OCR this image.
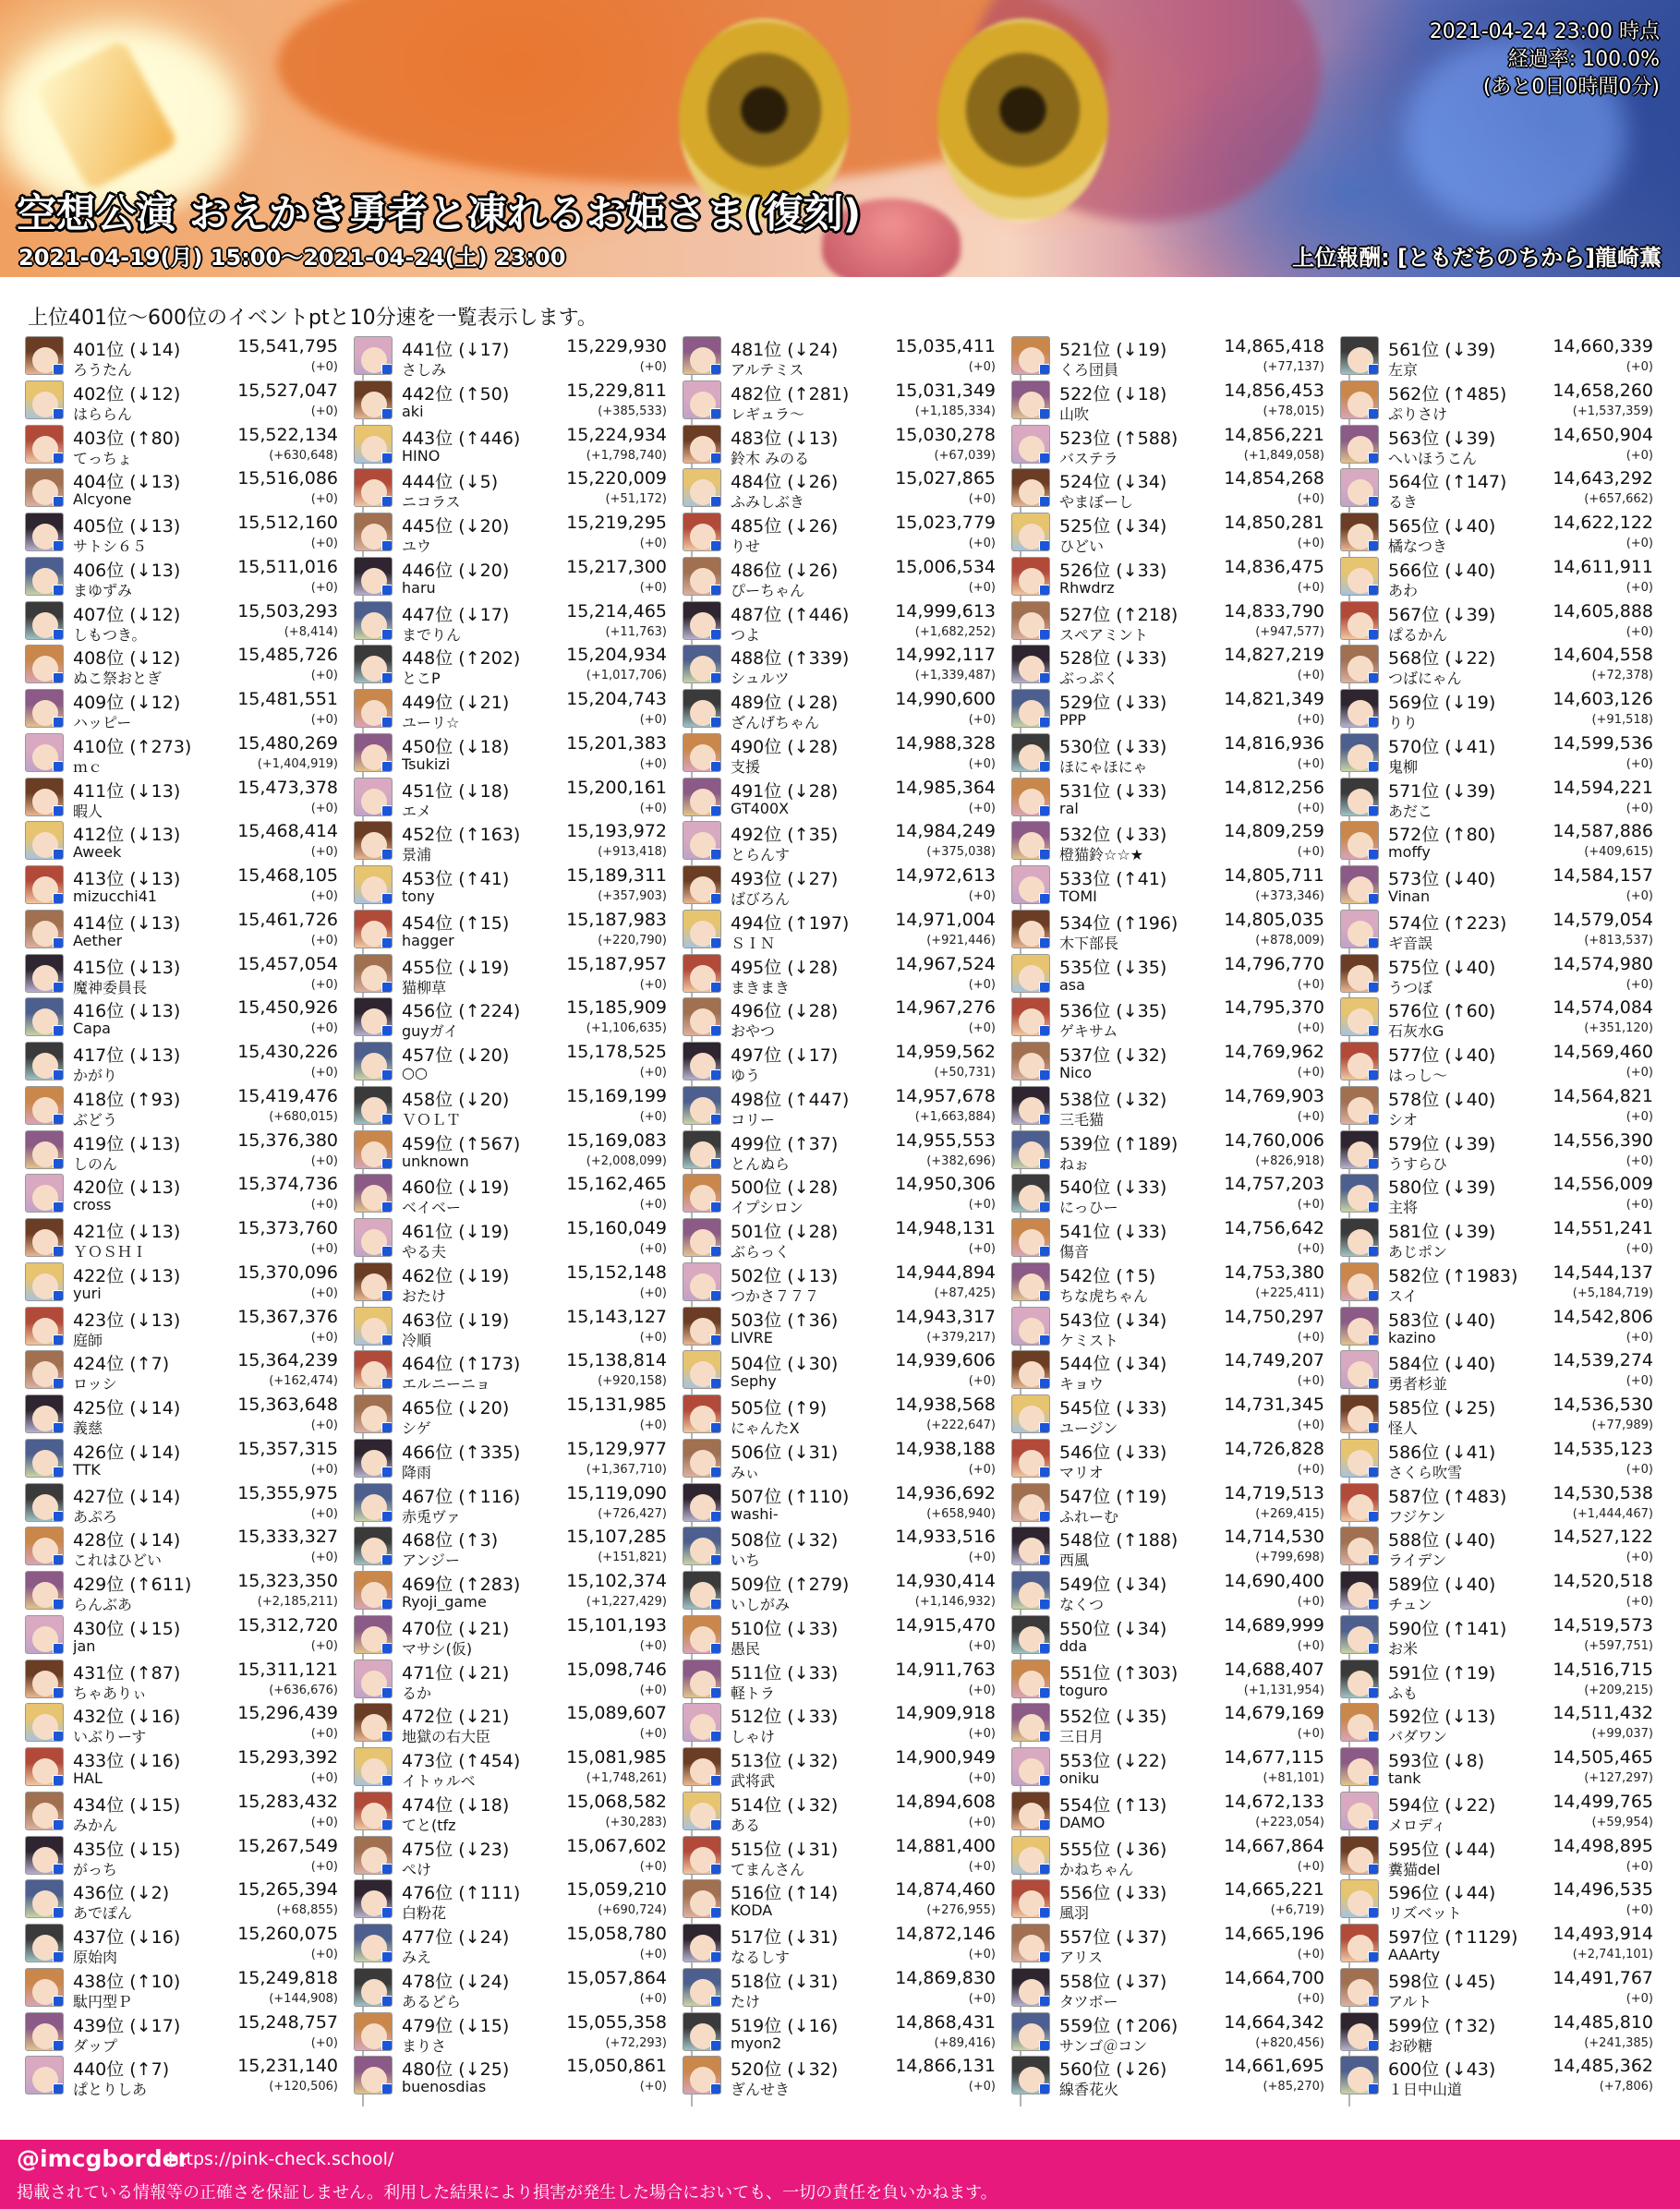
2021-04-24 23:00 時点
経過率: 100.0%
(あと0日0時間0分)
空想公演 おえかき勇者と凍れるお姫さま(復刻)
2021-04-19(月) 15:00～2021-04-24(土) 23:00	上位報酬: [ともだちのちから]龍崎薫
上位401位～600位のイベントptと10分速を一覧表示します。
401位 (↓14)
ろうたん
15,541,795
(+0)
402位 (↓12)
はららん
15,527,047
(+0)
403位 (↑80)
てっちょ
15,522,134
(+630,648)
404位 (↓13)
Alcyone
15,516,086
(+0)
405位 (↓13)
サトシ６５
15,512,160
(+0)
406位 (↓13)
まゆずみ
15,511,016
(+0)
407位 (↓12)
しもつき。
15,503,293
(+8,414)
408位 (↓12)
ぬこ祭おとぎ
15,485,726
(+0)
409位 (↓12)
ハッピー
15,481,551
(+0)
410位 (↑273)
ｍｃ
15,480,269
(+1,404,919)
411位 (↓13)
暇人
15,473,378
(+0)
412位 (↓13)
Aweek
15,468,414
(+0)
413位 (↓13)
mizucchi41
15,468,105
(+0)
414位 (↓13)
Aether
15,461,726
(+0)
415位 (↓13)
魔神委員長
15,457,054
(+0)
416位 (↓13)
Capa
15,450,926
(+0)
417位 (↓13)
かがり
15,430,226
(+0)
418位 (↑93)
ぶどう
15,419,476
(+680,015)
419位 (↓13)
しのん
15,376,380
(+0)
420位 (↓13)
cross
15,374,736
(+0)
421位 (↓13)
ＹＯＳＨＩ
15,373,760
(+0)
422位 (↓13)
yuri
15,370,096
(+0)
423位 (↓13)
庭師
15,367,376
(+0)
424位 (↑7)
ロッシ
15,364,239
(+162,474)
425位 (↓14)
義慈
15,363,648
(+0)
426位 (↓14)
TTK
15,357,315
(+0)
427位 (↓14)
あぷろ
15,355,975
(+0)
428位 (↓14)
これはひどい
15,333,327
(+0)
429位 (↑611)
らんぶあ
15,323,350
(+2,185,211)
430位 (↓15)
jan
15,312,720
(+0)
431位 (↑87)
ちゃありぃ
15,311,121
(+636,676)
432位 (↓16)
いぶりーす
15,296,439
(+0)
433位 (↓16)
HAL
15,293,392
(+0)
434位 (↓15)
みかん
15,283,432
(+0)
435位 (↓15)
がっち
15,267,549
(+0)
436位 (↓2)
あでぽん
15,265,394
(+68,855)
437位 (↓16)
原始肉
15,260,075
(+0)
438位 (↑10)
駄円型Ｐ
15,249,818
(+144,908)
439位 (↓17)
ダップ
15,248,757
(+0)
440位 (↑7)
ぱとりしあ
15,231,140
(+120,506)
441位 (↓17)
さしみ
15,229,930
(+0)
442位 (↑50)
aki
15,229,811
(+385,533)
443位 (↑446)
HINO
15,224,934
(+1,798,740)
444位 (↓5)
ニコラス
15,220,009
(+51,172)
445位 (↓20)
ユウ
15,219,295
(+0)
446位 (↓20)
haru
15,217,300
(+0)
447位 (↓17)
までりん
15,214,465
(+11,763)
448位 (↑202)
とこP
15,204,934
(+1,017,706)
449位 (↓21)
ユーリ☆
15,204,743
(+0)
450位 (↓18)
Tsukizi
15,201,383
(+0)
451位 (↓18)
エメ
15,200,161
(+0)
452位 (↑163)
景浦
15,193,972
(+913,418)
453位 (↑41)
tony
15,189,311
(+357,903)
454位 (↑15)
hagger
15,187,983
(+220,790)
455位 (↓19)
猫柳草
15,187,957
(+0)
456位 (↑224)
guyガイ
15,185,909
(+1,106,635)
457位 (↓20)
○○
15,178,525
(+0)
458位 (↓20)
ＶＯＬＴ
15,169,199
(+0)
459位 (↑567)
unknown
15,169,083
(+2,008,099)
460位 (↓19)
ベイベー
15,162,465
(+0)
461位 (↓19)
やる夫
15,160,049
(+0)
462位 (↓19)
おたけ
15,152,148
(+0)
463位 (↓19)
冷順
15,143,127
(+0)
464位 (↑173)
エルニーニョ
15,138,814
(+920,158)
465位 (↓20)
シゲ
15,131,985
(+0)
466位 (↑335)
降雨
15,129,977
(+1,367,710)
467位 (↑116)
赤兎ヴァ
15,119,090
(+726,427)
468位 (↑3)
アンジー
15,107,285
(+151,821)
469位 (↑283)
Ryoji_game
15,102,374
(+1,227,429)
470位 (↓21)
マサシ(仮)
15,101,193
(+0)
471位 (↓21)
るか
15,098,746
(+0)
472位 (↓21)
地獄の右大臣
15,089,607
(+0)
473位 (↑454)
イトゥルベ
15,081,985
(+1,748,261)
474位 (↓18)
てと(tfz
15,068,582
(+30,283)
475位 (↓23)
ぺけ
15,067,602
(+0)
476位 (↑111)
白粉花
15,059,210
(+690,724)
477位 (↓24)
みえ
15,058,780
(+0)
478位 (↓24)
あるどら
15,057,864
(+0)
479位 (↓15)
まりさ
15,055,358
(+72,293)
480位 (↓25)
buenosdias
15,050,861
(+0)
481位 (↓24)
アルテミス
15,035,411
(+0)
482位 (↑281)
レギュラ～
15,031,349
(+1,185,334)
483位 (↓13)
鈴木 みのる
15,030,278
(+67,039)
484位 (↓26)
ふみしぶき
15,027,865
(+0)
485位 (↓26)
りせ
15,023,779
(+0)
486位 (↓26)
ぴーちゃん
15,006,534
(+0)
487位 (↑446)
つよ
14,999,613
(+1,682,252)
488位 (↑339)
シュルツ
14,992,117
(+1,339,487)
489位 (↓28)
ざんげちゃん
14,990,600
(+0)
490位 (↓28)
支援
14,988,328
(+0)
491位 (↓28)
GT400X
14,985,364
(+0)
492位 (↑35)
とらんす
14,984,249
(+375,038)
493位 (↓27)
ばびろん
14,972,613
(+0)
494位 (↑197)
ＳＩＮ
14,971,004
(+921,446)
495位 (↓28)
まきまき
14,967,524
(+0)
496位 (↓28)
おやつ
14,967,276
(+0)
497位 (↓17)
ゆう
14,959,562
(+50,731)
498位 (↑447)
コリー
14,957,678
(+1,663,884)
499位 (↑37)
とんぬら
14,955,553
(+382,696)
500位 (↓28)
イプシロン
14,950,306
(+0)
501位 (↓28)
ぶらっく
14,948,131
(+0)
502位 (↓13)
つかさ７７７
14,944,894
(+87,425)
503位 (↑36)
LIVRE
14,943,317
(+379,217)
504位 (↓30)
Sephy
14,939,606
(+0)
505位 (↑9)
にゃんたX
14,938,568
(+222,647)
506位 (↓31)
みぃ
14,938,188
(+0)
507位 (↑110)
washi-
14,936,692
(+658,940)
508位 (↓32)
いち
14,933,516
(+0)
509位 (↑279)
いしがみ
14,930,414
(+1,146,932)
510位 (↓33)
愚民
14,915,470
(+0)
511位 (↓33)
軽トラ
14,911,763
(+0)
512位 (↓33)
しゃけ
14,909,918
(+0)
513位 (↓32)
武将武
14,900,949
(+0)
514位 (↓32)
ある
14,894,608
(+0)
515位 (↓31)
てまんさん
14,881,400
(+0)
516位 (↑14)
KODA
14,874,460
(+276,955)
517位 (↓31)
なるしす
14,872,146
(+0)
518位 (↓31)
たけ
14,869,830
(+0)
519位 (↓16)
myon2
14,868,431
(+89,416)
520位 (↓32)
ぎんせき
14,866,131
(+0)
521位 (↓19)
くろ団員
14,865,418
(+77,137)
522位 (↓18)
山吹
14,856,453
(+78,015)
523位 (↑588)
バステラ
14,856,221
(+1,849,058)
524位 (↓34)
やまぼーし
14,854,268
(+0)
525位 (↓34)
ひどい
14,850,281
(+0)
526位 (↓33)
Rhwdrz
14,836,475
(+0)
527位 (↑218)
スペアミント
14,833,790
(+947,577)
528位 (↓33)
ぶっぷく
14,827,219
(+0)
529位 (↓33)
PPP
14,821,349
(+0)
530位 (↓33)
ほにゃほにゃ
14,816,936
(+0)
531位 (↓33)
ral
14,812,256
(+0)
532位 (↓33)
橙猫鈴☆☆★
14,809,259
(+0)
533位 (↑41)
TOMI
14,805,711
(+373,346)
534位 (↑196)
木下部長
14,805,035
(+878,009)
535位 (↓35)
asa
14,796,770
(+0)
536位 (↓35)
ゲキサム
14,795,370
(+0)
537位 (↓32)
Nico
14,769,962
(+0)
538位 (↓32)
三毛猫
14,769,903
(+0)
539位 (↑189)
ねぉ
14,760,006
(+826,918)
540位 (↓33)
にっひー
14,757,203
(+0)
541位 (↓33)
傷音
14,756,642
(+0)
542位 (↑5)
ちな虎ちゃん
14,753,380
(+225,411)
543位 (↓34)
ケミスト
14,750,297
(+0)
544位 (↓34)
キョウ
14,749,207
(+0)
545位 (↓33)
ユージン
14,731,345
(+0)
546位 (↓33)
マリオ
14,726,828
(+0)
547位 (↑19)
ふれーむ
14,719,513
(+269,415)
548位 (↑188)
西風
14,714,530
(+799,698)
549位 (↓34)
なくつ
14,690,400
(+0)
550位 (↓34)
dda
14,689,999
(+0)
551位 (↑303)
toguro
14,688,407
(+1,131,954)
552位 (↓35)
三日月
14,679,169
(+0)
553位 (↓22)
oniku
14,677,115
(+81,101)
554位 (↑13)
DAMO
14,672,133
(+223,054)
555位 (↓36)
かねちゃん
14,667,864
(+0)
556位 (↓33)
風羽
14,665,221
(+6,719)
557位 (↓37)
アリス
14,665,196
(+0)
558位 (↓37)
タツボー
14,664,700
(+0)
559位 (↑206)
サンゴ＠コン
14,664,342
(+820,456)
560位 (↓26)
線香花火
14,661,695
(+85,270)
561位 (↓39)
左京
14,660,339
(+0)
562位 (↑485)
ぷりさけ
14,658,260
(+1,537,359)
563位 (↓39)
へいほうこん
14,650,904
(+0)
564位 (↑147)
るき
14,643,292
(+657,662)
565位 (↓40)
橘なつき
14,622,122
(+0)
566位 (↓40)
あわ
14,611,911
(+0)
567位 (↓39)
ぱるかん
14,605,888
(+0)
568位 (↓22)
つばにゃん
14,604,558
(+72,378)
569位 (↓19)
りり
14,603,126
(+91,518)
570位 (↓41)
鬼柳
14,599,536
(+0)
571位 (↓39)
あだこ
14,594,221
(+0)
572位 (↑80)
moffy
14,587,886
(+409,615)
573位 (↓40)
Vinan
14,584,157
(+0)
574位 (↑223)
ギ音誤
14,579,054
(+813,537)
575位 (↓40)
うつぼ
14,574,980
(+0)
576位 (↑60)
石灰水G
14,574,084
(+351,120)
577位 (↓40)
はっし～
14,569,460
(+0)
578位 (↓40)
シオ
14,564,821
(+0)
579位 (↓39)
うすらひ
14,556,390
(+0)
580位 (↓39)
主将
14,556,009
(+0)
581位 (↓39)
あじポン
14,551,241
(+0)
582位 (↑1983)
スイ
14,544,137
(+5,184,719)
583位 (↓40)
kazino
14,542,806
(+0)
584位 (↓40)
勇者杉並
14,539,274
(+0)
585位 (↓25)
怪人
14,536,530
(+77,989)
586位 (↓41)
さくら吹雪
14,535,123
(+0)
587位 (↑483)
フジケン
14,530,538
(+1,444,467)
588位 (↓40)
ライデン
14,527,122
(+0)
589位 (↓40)
チュン
14,520,518
(+0)
590位 (↑141)
お米
14,519,573
(+597,751)
591位 (↑19)
ふも
14,516,715
(+209,215)
592位 (↓13)
バダワン
14,511,432
(+99,037)
593位 (↓8)
tank
14,505,465
(+127,297)
594位 (↓22)
メロディ
14,499,765
(+59,954)
595位 (↓44)
糞猫del
14,498,895
(+0)
596位 (↓44)
リズベット
14,496,535
(+0)
597位 (↑1129)
AAArty
14,493,914
(+2,741,101)
598位 (↓45)
アルト
14,491,767
(+0)
599位 (↑32)
お砂糖
14,485,810
(+241,385)
600位 (↓43)
１日中山道
14,485,362
(+7,806)
@imcgborder
https://pink-check.school/
掲載されている情報等の正確さを保証しません。利用した結果により損害が発生した場合においても、一切の責任を負いかねます。
